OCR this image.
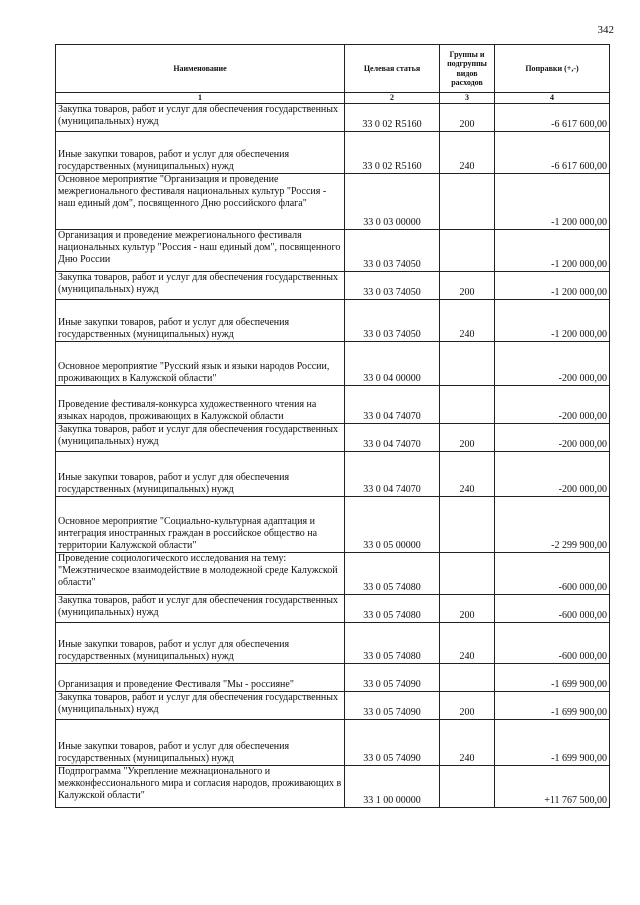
342
Наименование	Целевая статья	Группы и подгруппы видов расходов	Поправки (+,-)
1	2	3	4
Закупка товаров, работ и услуг для обеспечения государственных (муниципальных) нужд	33 0 02 R5160	200	-6 617 600,00
Иные закупки товаров, работ и услуг для обеспечения государственных (муниципальных) нужд	33 0 02 R5160	240	-6 617 600,00
Основное мероприятие "Организация и проведение межрегионального фестиваля национальных культур "Россия - наш единый дом", посвященного Дню российского флага"	33 0 03 00000		-1 200 000,00
Организация и проведение межрегионального фестиваля национальных культур "Россия - наш единый дом", посвященного Дню России	33 0 03 74050		-1 200 000,00
Закупка товаров, работ и услуг для обеспечения государственных (муниципальных) нужд	33 0 03 74050	200	-1 200 000,00
Иные закупки товаров, работ и услуг для обеспечения государственных (муниципальных) нужд	33 0 03 74050	240	-1 200 000,00
Основное мероприятие "Русский язык и языки народов России, проживающих в Калужской области"	33 0 04 00000		-200 000,00
Проведение фестиваля-конкурса художественного чтения на языках народов, проживающих в Калужской области	33 0 04 74070		-200 000,00
Закупка товаров, работ и услуг для обеспечения государственных (муниципальных) нужд	33 0 04 74070	200	-200 000,00
Иные закупки товаров, работ и услуг для обеспечения государственных (муниципальных) нужд	33 0 04 74070	240	-200 000,00
Основное мероприятие "Социально-культурная адаптация и интеграция иностранных граждан в российское общество на территории Калужской области"	33 0 05 00000		-2 299 900,00
Проведение социологического исследования на тему: "Межэтническое взаимодействие в молодежной среде Калужской области"	33 0 05 74080		-600 000,00
Закупка товаров, работ и услуг для обеспечения государственных (муниципальных) нужд	33 0 05 74080	200	-600 000,00
Иные закупки товаров, работ и услуг для обеспечения государственных (муниципальных) нужд	33 0 05 74080	240	-600 000,00
Организация и проведение Фестиваля "Мы - россияне"	33 0 05 74090		-1 699 900,00
Закупка товаров, работ и услуг для обеспечения государственных (муниципальных) нужд	33 0 05 74090	200	-1 699 900,00
Иные закупки товаров, работ и услуг для обеспечения государственных (муниципальных) нужд	33 0 05 74090	240	-1 699 900,00
Подпрограмма "Укрепление межнационального и межконфессионального мира и согласия народов, проживающих в Калужской области"	33 1 00 00000		+11 767 500,00
